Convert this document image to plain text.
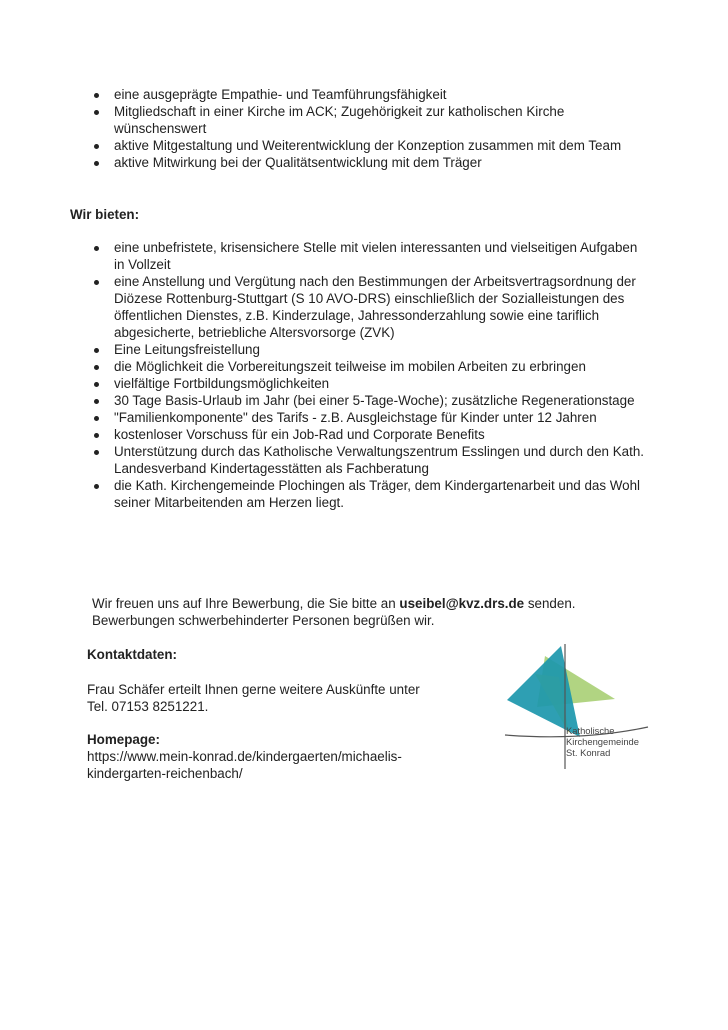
eine ausgeprägte Empathie- und Teamführungsfähigkeit
Mitgliedschaft in einer Kirche im ACK; Zugehörigkeit zur katholischen Kirche wünschenswert
aktive Mitgestaltung und Weiterentwicklung der Konzeption zusammen mit dem Team
aktive Mitwirkung bei der Qualitätsentwicklung mit dem Träger
Wir bieten:
eine unbefristete, krisensichere Stelle mit vielen interessanten und vielseitigen Aufgaben in Vollzeit
eine Anstellung und Vergütung nach den Bestimmungen der Arbeitsvertragsordnung der Diözese Rottenburg-Stuttgart (S 10 AVO-DRS) einschließlich der Sozialleistungen des öffentlichen Dienstes, z.B. Kinderzulage, Jahressonderzahlung sowie eine tariflich abgesicherte, betriebliche Altersvorsorge (ZVK)
Eine Leitungsfreistellung
die Möglichkeit die Vorbereitungszeit teilweise im mobilen Arbeiten zu erbringen
vielfältige Fortbildungsmöglichkeiten
30 Tage Basis-Urlaub im Jahr (bei einer 5-Tage-Woche); zusätzliche Regenerationstage
"Familienkomponente" des Tarifs - z.B. Ausgleichstage für Kinder unter 12 Jahren
kostenloser Vorschuss für ein Job-Rad und Corporate Benefits
Unterstützung durch das Katholische Verwaltungszentrum Esslingen und durch den Kath. Landesverband Kindertagesstätten als Fachberatung
die Kath. Kirchengemeinde Plochingen als Träger, dem Kindergartenarbeit und das Wohl seiner Mitarbeitenden am Herzen liegt.
Wir freuen uns auf Ihre Bewerbung, die Sie bitte an useibel@kvz.drs.de senden.
Bewerbungen schwerbehinderter Personen begrüßen wir.
Kontaktdaten:
Frau Schäfer erteilt Ihnen gerne weitere Auskünfte unter
Tel. 07153 8251221.
Homepage:
https://www.mein-konrad.de/kindergaerten/michaelis-
kindergarten-reichenbach/
Katholische
Kirchengemeinde
St. Konrad
